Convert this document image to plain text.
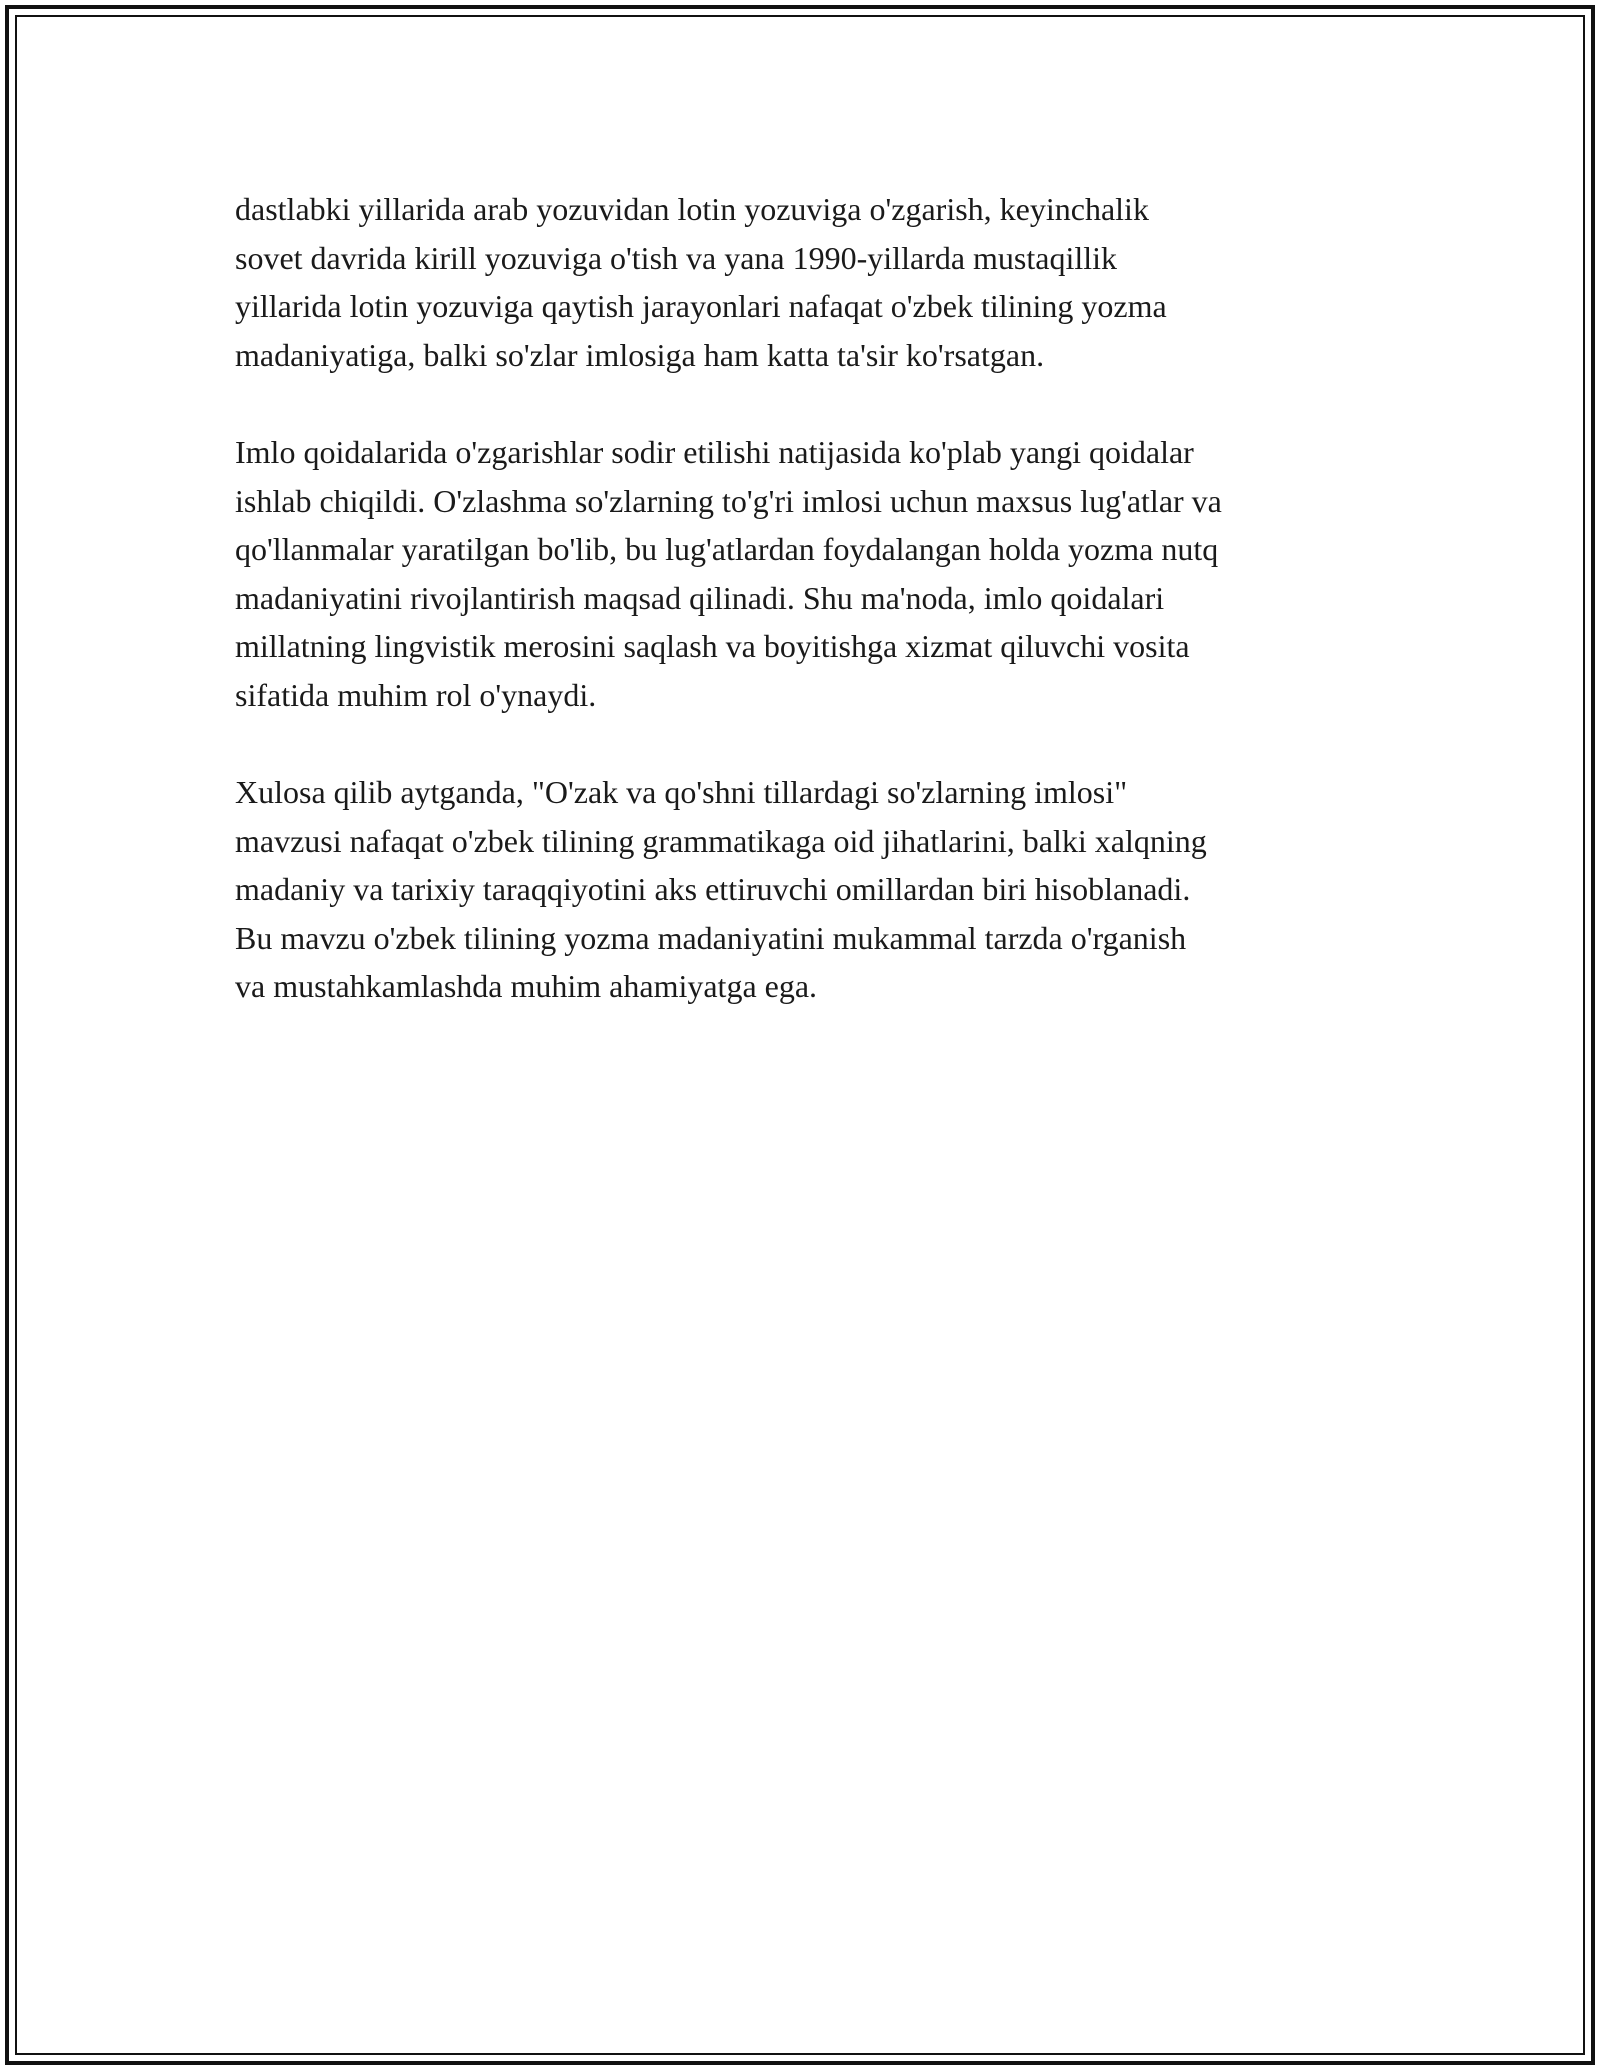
dastlabki yillarida arab yozuvidan lotin yozuviga o'zgarish, keyinchalik
sovet davrida kirill yozuviga o'tish va yana 1990-yillarda mustaqillik
yillarida lotin yozuviga qaytish jarayonlari nafaqat o'zbek tilining yozma
madaniyatiga, balki so'zlar imlosiga ham katta ta'sir ko'rsatgan.

Imlo qoidalarida o'zgarishlar sodir etilishi natijasida ko'plab yangi qoidalar
ishlab chiqildi. O'zlashma so'zlarning to'g'ri imlosi uchun maxsus lug'atlar va
qo'llanmalar yaratilgan bo'lib, bu lug'atlardan foydalangan holda yozma nutq
madaniyatini rivojlantirish maqsad qilinadi. Shu ma'noda, imlo qoidalari
millatning lingvistik merosini saqlash va boyitishga xizmat qiluvchi vosita
sifatida muhim rol o'ynaydi.

Xulosa qilib aytganda, "O'zak va qo'shni tillardagi so'zlarning imlosi"
mavzusi nafaqat o'zbek tilining grammatikaga oid jihatlarini, balki xalqning
madaniy va tarixiy taraqqiyotini aks ettiruvchi omillardan biri hisoblanadi.
Bu mavzu o'zbek tilining yozma madaniyatini mukammal tarzda o'rganish
va mustahkamlashda muhim ahamiyatga ega.
